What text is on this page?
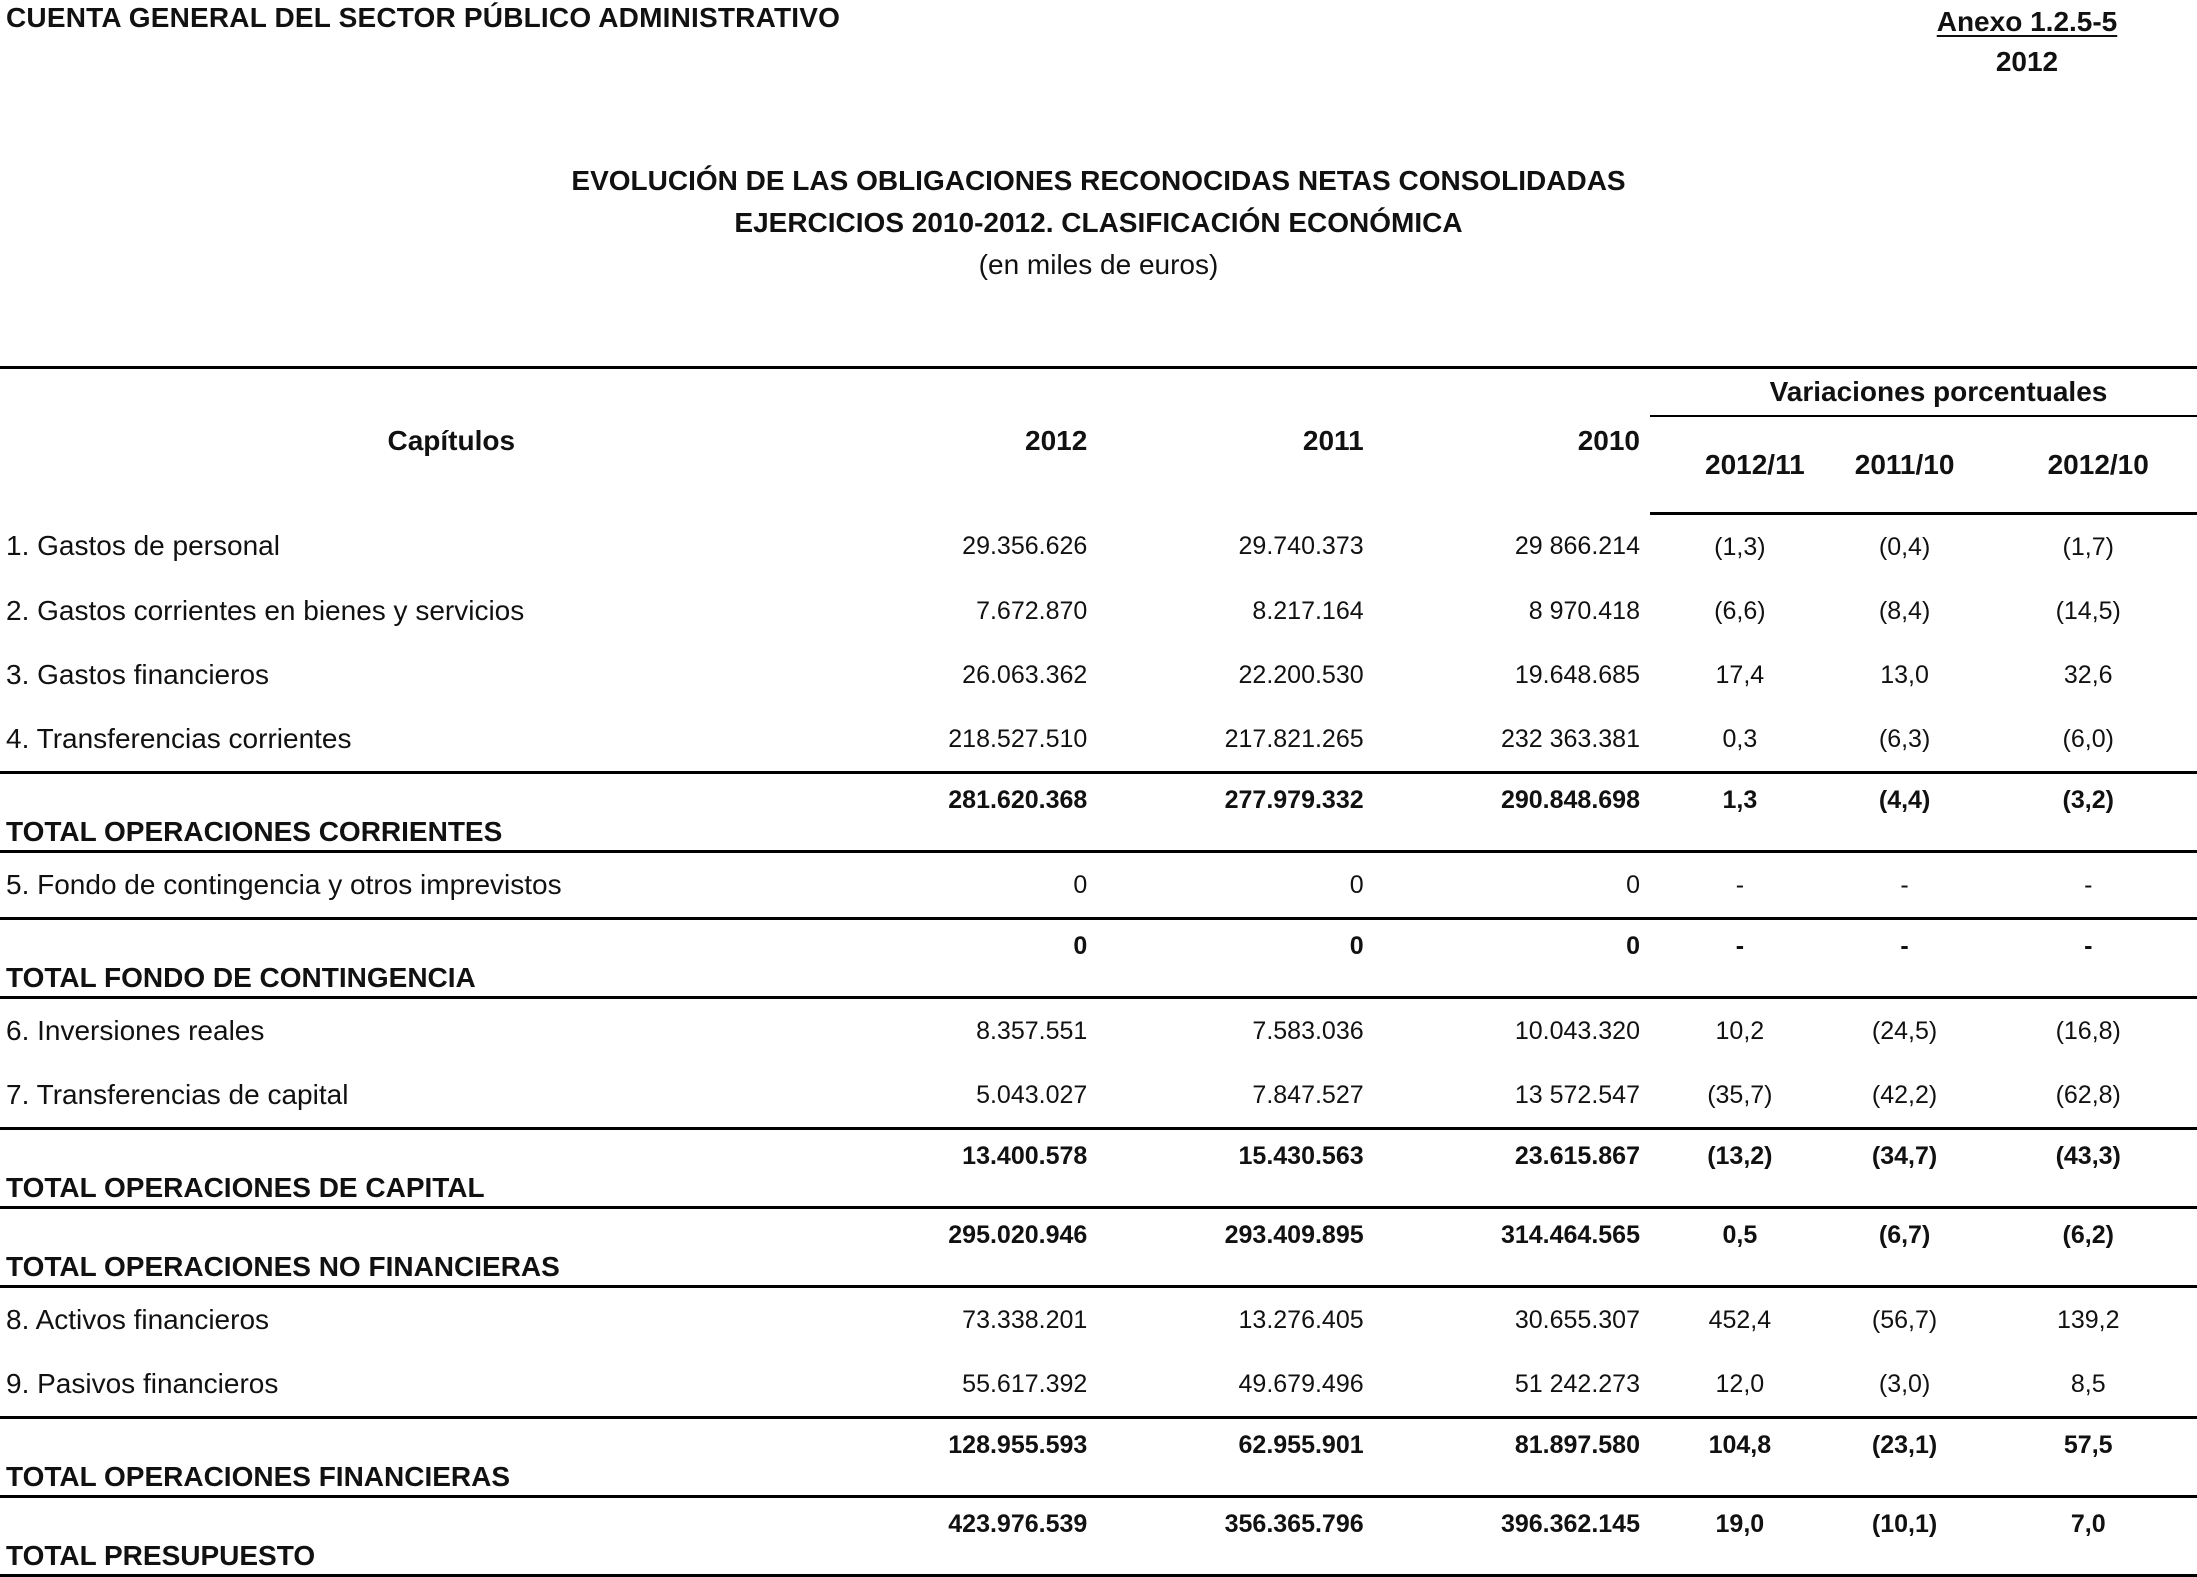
CUENTA GENERAL DEL SECTOR PÚBLICO ADMINISTRATIVO	Anexo 1.2.5-5
2012
EVOLUCIÓN DE LAS OBLIGACIONES RECONOCIDAS NETAS CONSOLIDADAS
EJERCICIOS 2010-2012. CLASIFICACIÓN ECONÓMICA
(en miles de euros)
Capítulos	2012	2011	2010	Variaciones porcentuales		
				2012/11	2011/10	2012/10
1. Gastos de personal	29.356.626	29.740.373	29 866.214	(1,3)	(0,4)	(1,7)
2. Gastos corrientes en bienes y servicios	7.672.870	8.217.164	8 970.418	(6,6)	(8,4)	(14,5)
3. Gastos financieros	26.063.362	22.200.530	19.648.685	17,4	13,0	32,6
4. Transferencias corrientes	218.527.510	217.821.265	232 363.381	0,3	(6,3)	(6,0)
TOTAL OPERACIONES CORRIENTES	281.620.368	277.979.332	290.848.698	1,3	(4,4)	(3,2)
5. Fondo de contingencia y otros imprevistos	0	0	0	-	-	-
TOTAL FONDO DE CONTINGENCIA	0	0	0	-	-	-
6. Inversiones reales	8.357.551	7.583.036	10.043.320	10,2	(24,5)	(16,8)
7. Transferencias de capital	5.043.027	7.847.527	13 572.547	(35,7)	(42,2)	(62,8)
TOTAL OPERACIONES DE CAPITAL	13.400.578	15.430.563	23.615.867	(13,2)	(34,7)	(43,3)
TOTAL OPERACIONES NO FINANCIERAS	295.020.946	293.409.895	314.464.565	0,5	(6,7)	(6,2)
8. Activos financieros	73.338.201	13.276.405	30.655.307	452,4	(56,7)	139,2
9. Pasivos financieros	55.617.392	49.679.496	51 242.273	12,0	(3,0)	8,5
TOTAL OPERACIONES FINANCIERAS	128.955.593	62.955.901	81.897.580	104,8	(23,1)	57,5
TOTAL PRESUPUESTO	423.976.539	356.365.796	396.362.145	19,0	(10,1)	7,0
